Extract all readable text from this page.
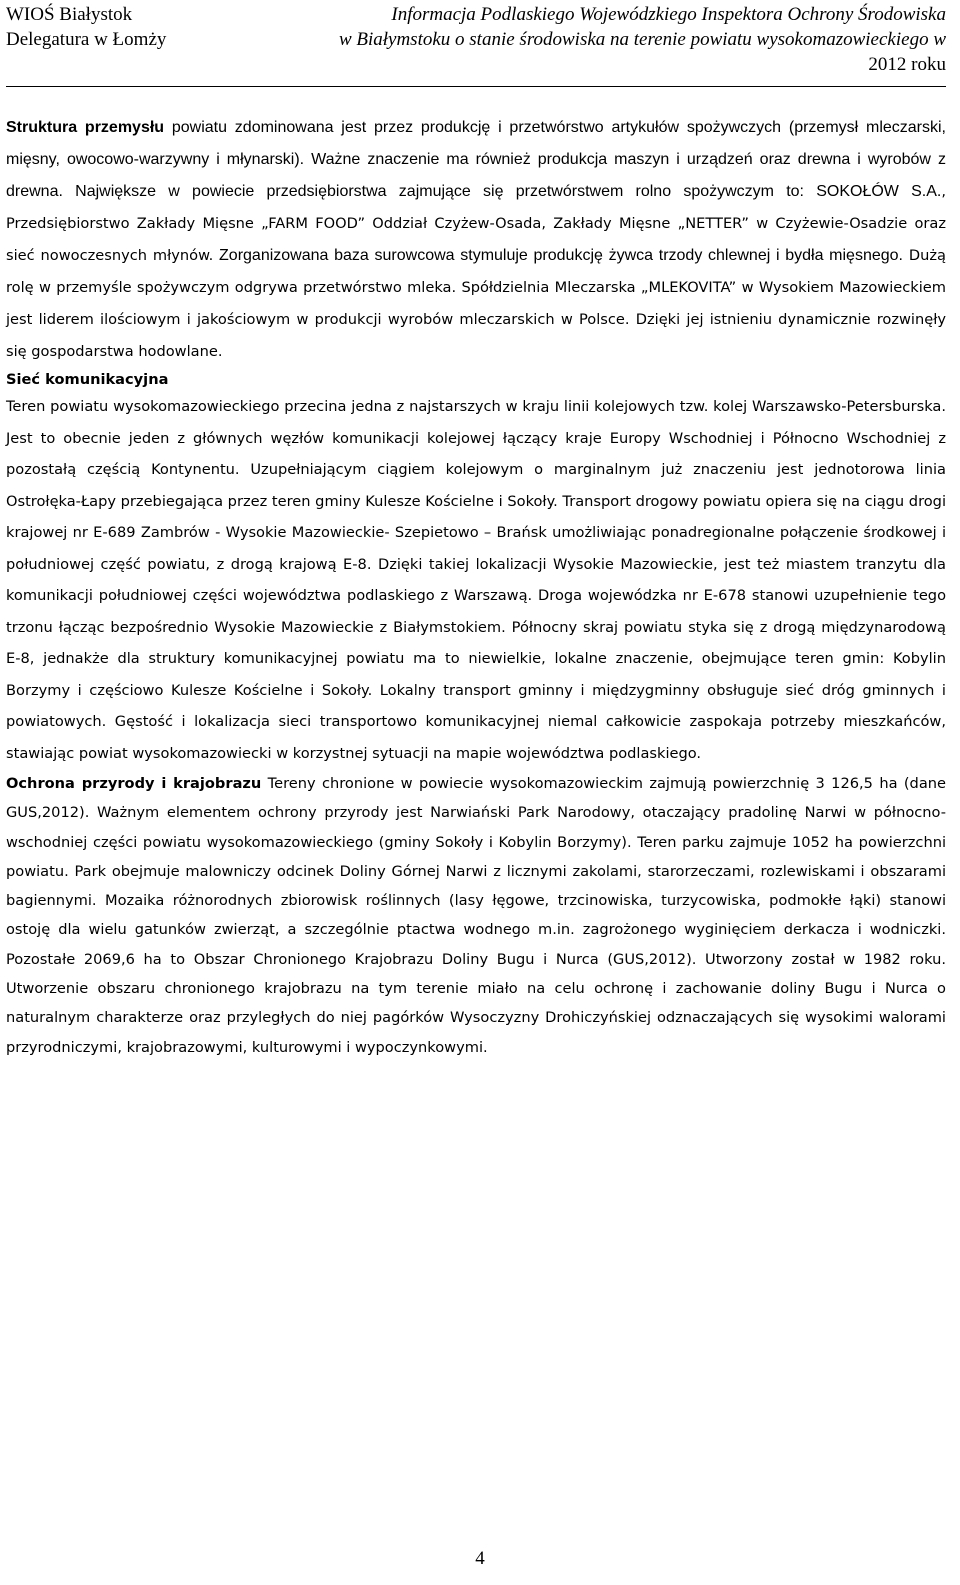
WIOŚ Białystok
Delegatura w Łomży
Informacja Podlaskiego Wojewódzkiego Inspektora Ochrony Środowiska
w Białymstoku o stanie środowiska na terenie powiatu wysokomazowieckiego w
2012 roku

Struktura przemysłu powiatu zdominowana jest przez produkcję i przetwórstwo artykułów spożywczych (przemysł mleczarski, mięsny, owocowo-warzywny i młynarski). Ważne znaczenie ma również produkcja maszyn i urządzeń oraz drewna i wyrobów z drewna. Największe w powiecie przedsiębiorstwa zajmujące się przetwórstwem rolno spożywczym to: SOKOŁÓW S.A., Przedsiębiorstwo Zakłady Mięsne „FARM FOOD” Oddział Czyżew-Osada, Zakłady Mięsne „NETTER” w Czyżewie-Osadzie oraz sieć nowoczesnych młynów. Zorganizowana baza surowcowa stymuluje produkcję żywca trzody chlewnej i bydła mięsnego. Dużą rolę w przemyśle spożywczym odgrywa przetwórstwo mleka. Spółdzielnia Mleczarska „MLEKOVITA” w Wysokiem Mazowieckiem jest liderem ilościowym i jakościowym w produkcji wyrobów mleczarskich w Polsce. Dzięki jej istnieniu dynamicznie rozwinęły się gospodarstwa hodowlane.

Sieć komunikacyjna

Teren powiatu wysokomazowieckiego przecina jedna z najstarszych w kraju linii kolejowych tzw. kolej Warszawsko-Petersburska. Jest to obecnie jeden z głównych węzłów komunikacji kolejowej łączący kraje Europy Wschodniej i Północno Wschodniej z pozostałą częścią Kontynentu. Uzupełniającym ciągiem kolejowym o marginalnym już znaczeniu jest jednotorowa linia Ostrołęka-Łapy przebiegająca przez teren gminy Kulesze Kościelne i Sokoły. Transport drogowy powiatu opiera się na ciągu drogi krajowej nr E-689 Zambrów - Wysokie Mazowieckie- Szepietowo – Brańsk umożliwiając ponadregionalne połączenie środkowej i południowej część powiatu, z drogą krajową E-8. Dzięki takiej lokalizacji Wysokie Mazowieckie, jest też miastem tranzytu dla komunikacji południowej części województwa podlaskiego z Warszawą. Droga wojewódzka nr E-678 stanowi uzupełnienie tego trzonu łącząc bezpośrednio Wysokie Mazowieckie z Białymstokiem. Północny skraj powiatu styka się z drogą międzynarodową E-8, jednakże dla struktury komunikacyjnej powiatu ma to niewielkie, lokalne znaczenie, obejmujące teren gmin: Kobylin Borzymy i częściowo Kulesze Kościelne i Sokoły. Lokalny transport gminny i międzygminny obsługuje sieć dróg gminnych i powiatowych. Gęstość i lokalizacja sieci transportowo komunikacyjnej niemal całkowicie zaspokaja potrzeby mieszkańców, stawiając powiat wysokomazowiecki w korzystnej sytuacji na mapie województwa podlaskiego.

Ochrona przyrody i krajobrazu Tereny chronione w powiecie wysokomazowieckim zajmują powierzchnię 3 126,5 ha (dane GUS,2012). Ważnym elementem ochrony przyrody jest Narwiański Park Narodowy, otaczający pradolinę Narwi w północno-wschodniej części powiatu wysokomazowieckiego (gminy Sokoły i Kobylin Borzymy). Teren parku zajmuje 1052 ha powierzchni powiatu. Park obejmuje malowniczy odcinek Doliny Górnej Narwi z licznymi zakolami, starorzeczami, rozlewiskami i obszarami bagiennymi. Mozaika różnorodnych zbiorowisk roślinnych (lasy łęgowe, trzcinowiska, turzycowiska, podmokłe łąki) stanowi ostoję dla wielu gatunków zwierząt, a szczególnie ptactwa wodnego m.in. zagrożonego wyginięciem derkacza i wodniczki. Pozostałe 2069,6 ha to Obszar Chronionego Krajobrazu Doliny Bugu i Nurca (GUS,2012). Utworzony został w 1982 roku. Utworzenie obszaru chronionego krajobrazu na tym terenie miało na celu ochronę i zachowanie doliny Bugu i Nurca o naturalnym charakterze oraz przyległych do niej pagórków Wysoczyzny Drohiczyńskiej odznaczających się wysokimi walorami przyrodniczymi, krajobrazowymi, kulturowymi i wypoczynkowymi.

4
